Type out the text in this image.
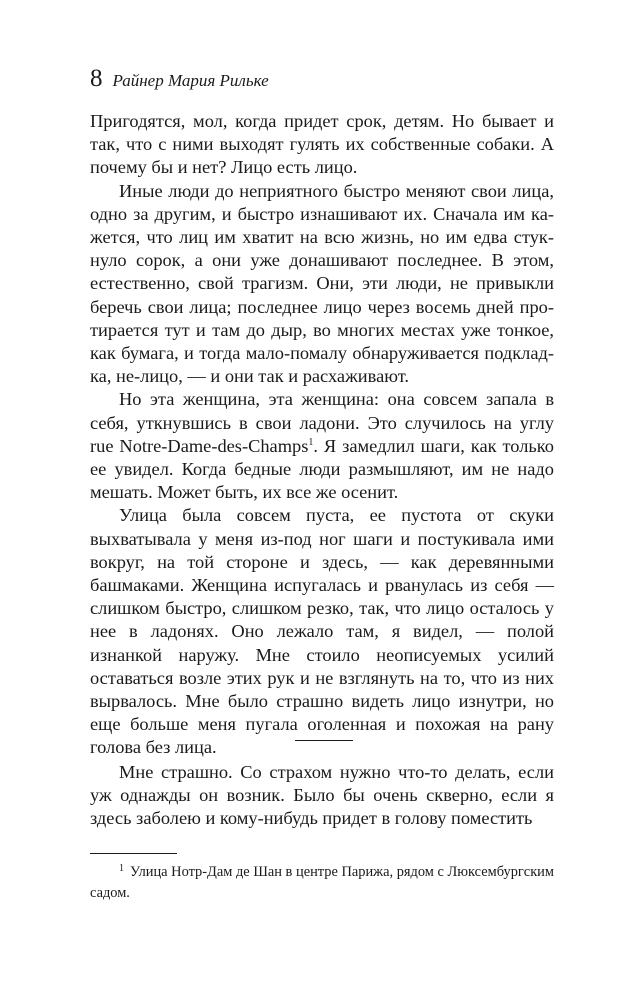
8 Райнер Мария Рильке

Пригодятся, мол, когда придет срок, детям. Но бывает и так, что с ними выходят гулять их собственные собаки. А почему бы и нет? Лицо есть лицо.

Иные люди до неприятного быстро меняют свои лица, одно за другим, и быстро изнашивают их. Сначала им кажется, что лиц им хватит на всю жизнь, но им едва стукнуло сорок, а они уже донашивают последнее. В этом, естественно, свой трагизм. Они, эти люди, не привыкли беречь свои лица; последнее лицо через восемь дней протирается тут и там до дыр, во многих местах уже тонкое, как бумага, и тогда мало-помалу обнаруживается подкладка, не-лицо, — и они так и расхаживают.

Но эта женщина, эта женщина: она совсем запала в себя, уткнувшись в свои ладони. Это случилось на углу rue Notre-Dame-des-Champs$^1$. Я замедлил шаги, как только ее увидел. Когда бедные люди размышляют, им не надо мешать. Может быть, их все же осенит.

Улица была совсем пуста, ее пустота от скуки выхватывала у меня из-под ног шаги и постукивала ими вокруг, на той стороне и здесь, — как деревянными башмаками. Женщина испугалась и рванулась из себя — слишком быстро, слишком резко, так, что лицо осталось у нее в ладонях. Оно лежало там, я видел, — полой изнанкой наружу. Мне стоило неописуемых усилий оставаться возле этих рук и не взглянуть на то, что из них вырвалось. Мне было страшно видеть лицо изнутри, но еще больше меня пугала оголенная и похожая на рану голова без лица.

Мне страшно. Со страхом нужно что-то делать, если уж однажды он возник. Было бы очень скверно, если я здесь заболею и кому-нибудь придет в голову поместить

$^1$ Улица Нотр-Дам де Шан в центре Парижа, рядом с Люксембургским садом.
